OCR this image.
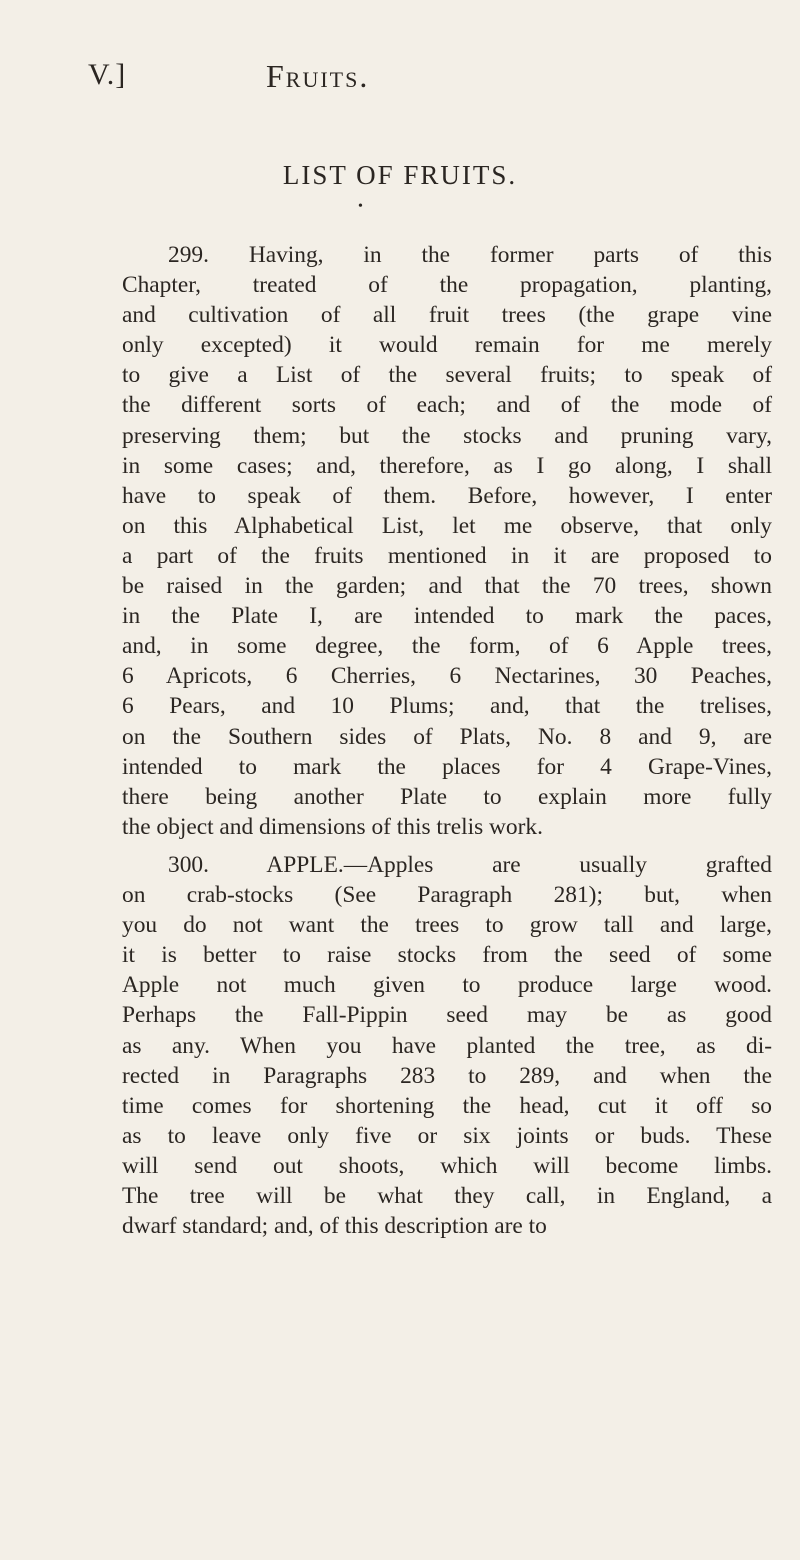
V.]	Fruits.
LIST OF FRUITS.
•
299. Having, in the former parts of this
Chapter, treated of the propagation, planting,
and cultivation of all fruit trees (the grape vine
only excepted) it would remain for me merely
to give a List of the several fruits; to speak of
the different sorts of each; and of the mode of
preserving them; but the stocks and pruning vary,
in some cases; and, therefore, as I go along, I shall
have to speak of them. Before, however, I enter
on this Alphabetical List, let me observe, that only
a part of the fruits mentioned in it are proposed to
be raised in the garden; and that the 70 trees, shown
in the Plate I, are intended to mark the paces,
and, in some degree, the form, of 6 Apple trees,
6 Apricots, 6 Cherries, 6 Nectarines, 30 Peaches,
6 Pears, and 10 Plums; and, that the trelises,
on the Southern sides of Plats, No. 8 and 9, are
intended to mark the places for 4 Grape-Vines,
there being another Plate to explain more fully
the object and dimensions of this trelis work.
300. APPLE.—Apples are usually grafted
on crab-stocks (See Paragraph 281); but, when
you do not want the trees to grow tall and large,
it is better to raise stocks from the seed of some
Apple not much given to produce large wood.
Perhaps the Fall-Pippin seed may be as good
as any. When you have planted the tree, as di-
rected in Paragraphs 283 to 289, and when the
time comes for shortening the head, cut it off so
as to leave only five or six joints or buds. These
will send out shoots, which will become limbs.
The tree will be what they call, in England, a
dwarf standard; and, of this description are to
